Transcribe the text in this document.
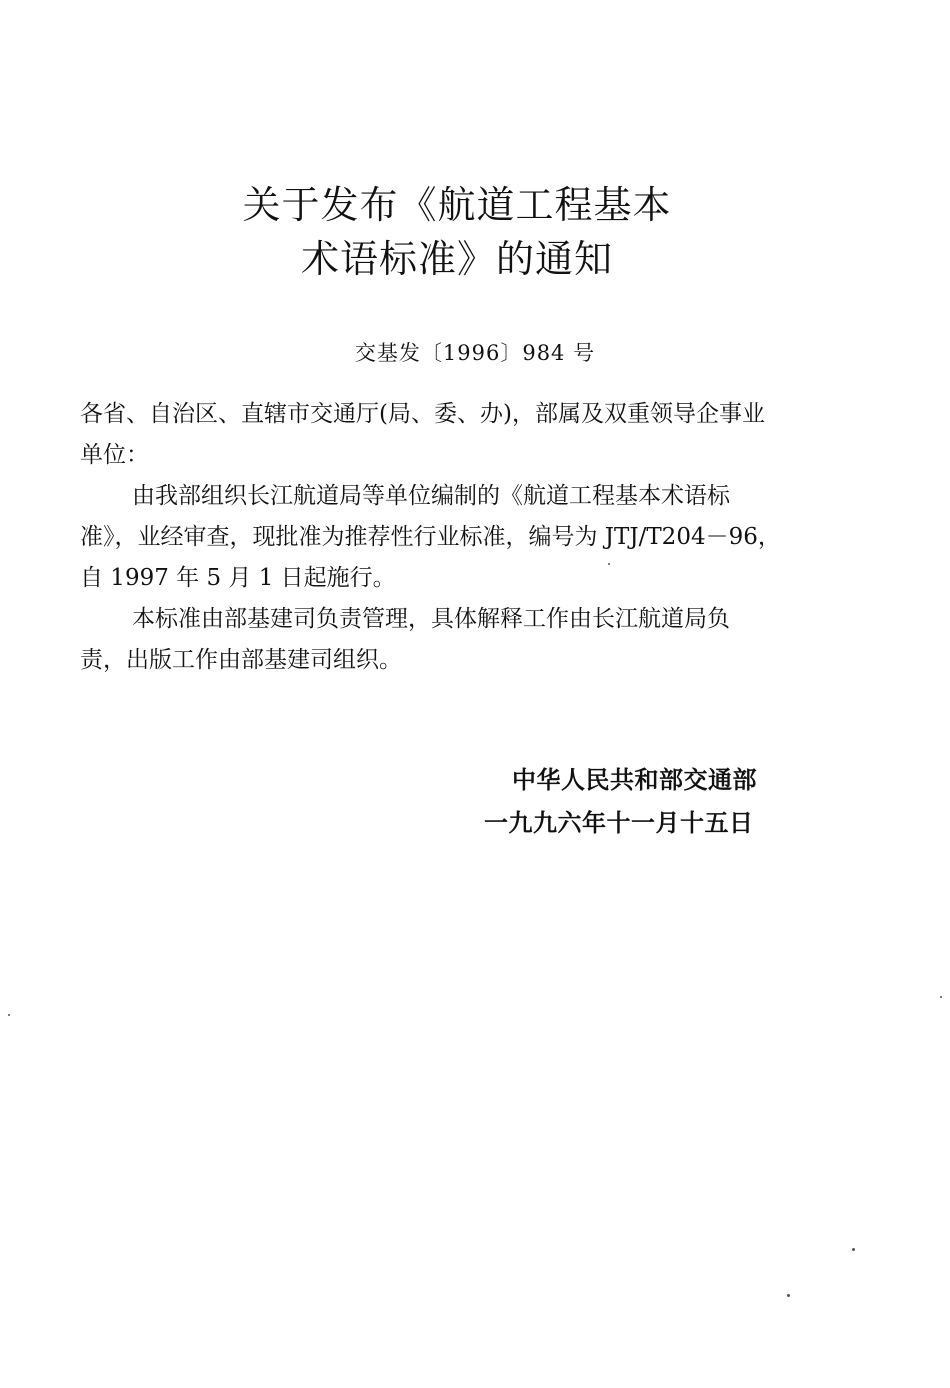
关于发布《航道工程基本
术语标准》的通知
交基发〔1996〕984 号
各省、自治区、直辖市交通厅(局、委、办)，部属及双重领导企事业
单位：
由我部组织长江航道局等单位编制的《航道工程基本术语标
准》，业经审查，现批准为推荐性行业标准，编号为 JTJ/T204－96，
自 1997 年 5 月 1 日起施行。
本标准由部基建司负责管理，具体解释工作由长江航道局负
责，出版工作由部基建司组织。
中华人民共和部交通部
一九九六年十一月十五日
